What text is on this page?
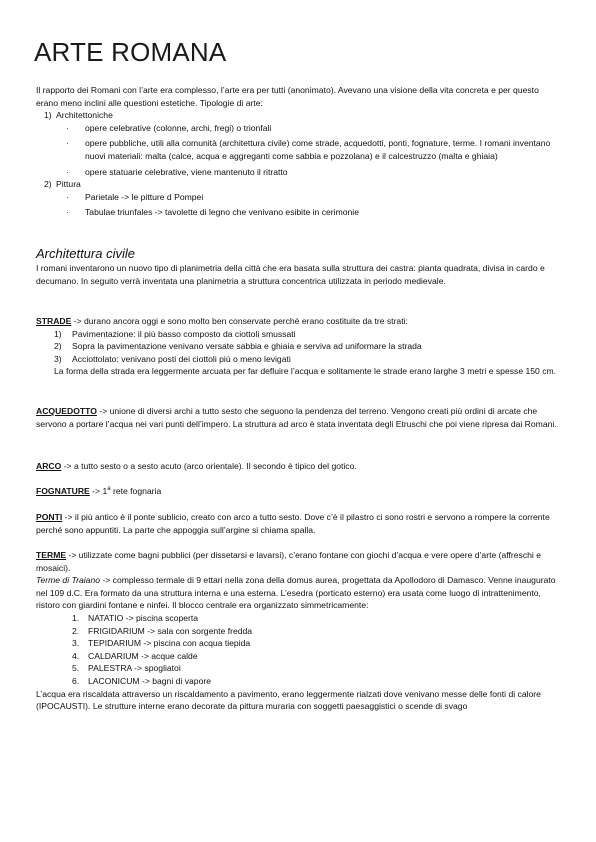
ARTE ROMANA

Il rapporto dei Romani con l’arte era complesso, l’arte era per tutti (anonimato). Avevano una visione della vita concreta e per questo erano meno inclini alle questioni estetiche. Tipologie di arte:

1) Architettoniche
· opere celebrative (colonne, archi, fregi) o trionfali
· opere pubbliche, utili alla comunità (architettura civile) come strade, acquedotti, ponti, fognature, terme. I romani inventano nuovi materiali: malta (calce, acqua e aggreganti come sabbia e pozzolana) e il calcestruzzo (malta e ghiaia)
· opere statuarie celebrative, viene mantenuto il ritratto
2) Pittura
· Parietale -> le pitture d Pompei
· Tabulae triunfales -> tavolette di legno che venivano esibite in cerimonie
Architettura civile

I romani inventarono un nuovo tipo di planimetria della città che era basata sulla struttura dei castra: pianta quadrata, divisa in cardo e decumano. In seguito verrà inventata una planimetria a struttura concentrica utilizzata in periodo medievale.

STRADE -> durano ancora oggi e sono molto ben conservate perché erano costituite da tre strati:

1) Pavimentazione: il più basso composto da ciottoli smussati
2) Sopra la pavimentazione venivano versate sabbia e ghiaia e serviva ad uniformare la strada
3) Acciottolato: venivano posti dei ciottoli più o meno levigati

La forma della strada era leggermente arcuata per far defluire l’acqua e solitamente le strade erano larghe 3 metri e spesse 150 cm.

ACQUEDOTTO -> unione di diversi archi a tutto sesto che seguono la pendenza del terreno. Vengono creati più ordini di arcate che servono a portare l’acqua nei vari punti dell’impero. La struttura ad arco è stata inventata degli Etruschi che poi viene ripresa dai Romani.

ARCO -> a tutto sesto o a sesto acuto (arco orientale). Il secondo è tipico del gotico.

FOGNATURE -> $1^a$ rete fognaria

PONTI -> il più antico è il ponte sublicio, creato con arco a tutto sesto. Dove c’è il pilastro ci sono rostri e servono a rompere la corrente perché sono appuntiti. La parte che appoggia sull’argine si chiama spalla.

TERME -> utilizzate come bagni pubblici (per dissetarsi e lavarsi), c’erano fontane con giochi d’acqua e vere opere d’arte (affreschi e mosaici).

Terme di Traiano -> complesso termale di 9 ettari nella zona della domus aurea, progettata da Apollodoro di Damasco. Venne inaugurato nel 109 d.C. Era formato da una struttura interna e una esterna. L’esedra (porticato esterno) era usata come luogo di intrattenimento, ristoro con giardini fontane e ninfei. Il blocco centrale era organizzato simmetricamente:

1. NATATIO -> piscina scoperta
2. FRIGIDARIUM -> sala con sorgente fredda
3. TEPIDARIUM -> piscina con acqua tiepida
4. CALDARIUM -> acque calde
5. PALESTRA -> spogliatoi
6. LACONICUM -> bagni di vapore

L’acqua era riscaldata attraverso un riscaldamento a pavimento, erano leggermente rialzati dove venivano messe delle fonti di calore (IPOCAUSTI). Le strutture interne erano decorate da pittura muraria con soggetti paesaggistici o scende di svago
